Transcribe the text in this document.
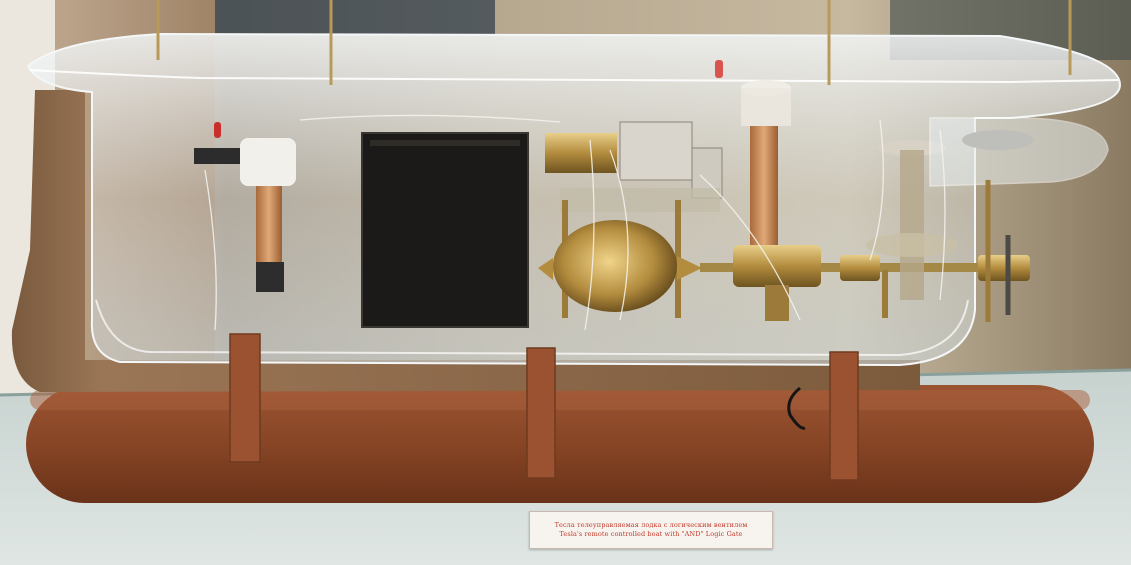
Тесла телеуправляемая лодка с логическим вентилем
Tesla's remote controlled boat with "AND" Logic Gate
